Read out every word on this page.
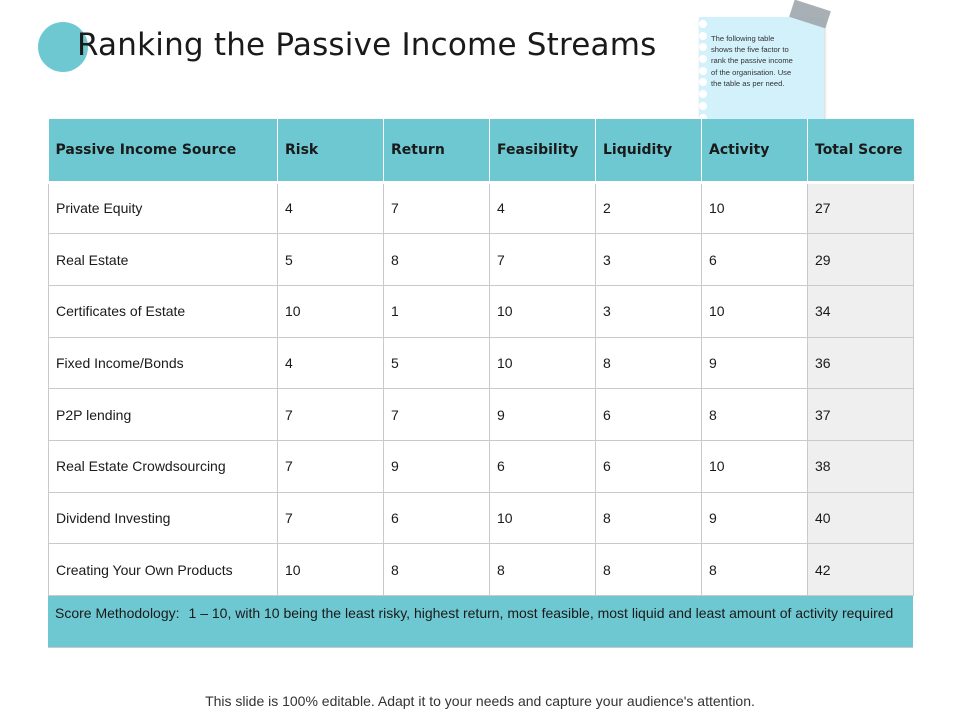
Ranking the Passive Income Streams	The following table shows the five factor to rank the passive income of the organisation. Use the table as per need.
Passive Income Source	Risk	Return	Feasibility	Liquidity	Activity	Total Score
Private Equity	4	7	4	2	10	27
Real Estate	5	8	7	3	6	29
Certificates of Estate	10	1	10	3	10	34
Fixed Income/Bonds	4	5	10	8	9	36
P2P lending	7	7	9	6	8	37
Real Estate Crowdsourcing	7	9	6	6	10	38
Dividend Investing	7	6	10	8	9	40
Creating Your Own Products	10	8	8	8	8	42
Score Methodology: 1 – 10, with 10 being the least risky, highest return, most feasible, most liquid and least amount of activity required
This slide is 100% editable. Adapt it to your needs and capture your audience's attention.
